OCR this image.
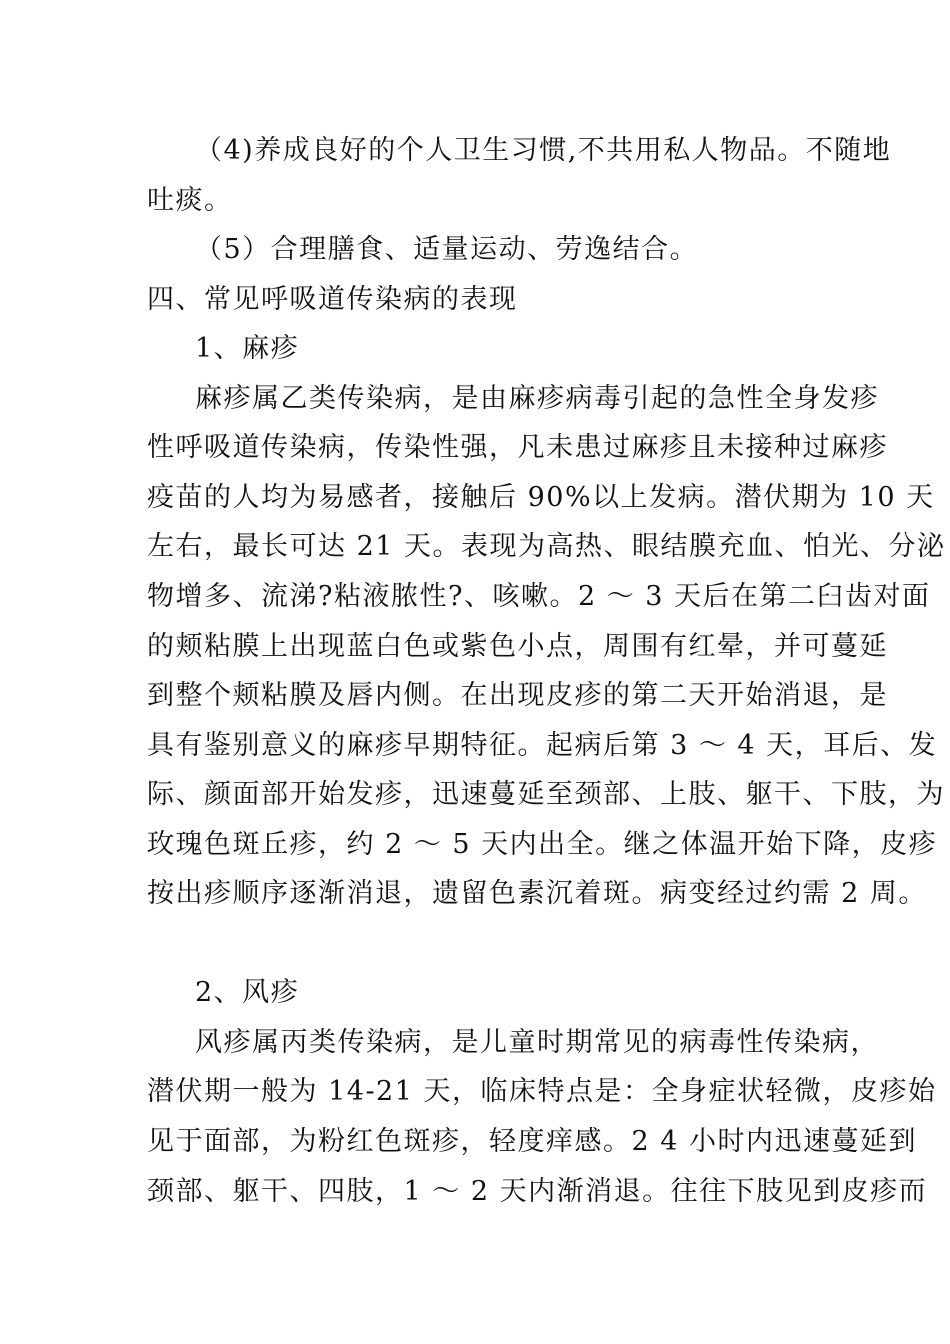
（4)养成良好的个人卫生习惯,不共用私人物品。不随地
吐痰。
（5）合理膳食、适量运动、劳逸结合。
四、常见呼吸道传染病的表现
1、麻疹
麻疹属乙类传染病，是由麻疹病毒引起的急性全身发疹
性呼吸道传染病，传染性强，凡未患过麻疹且未接种过麻疹
疫苗的人均为易感者，接触后 90%以上发病。潜伏期为 10 天
左右，最长可达 21 天。表现为高热、眼结膜充血、怕光、分泌
物增多、流涕?粘液脓性?、咳嗽。2 ～ 3 天后在第二臼齿对面
的颊粘膜上出现蓝白色或紫色小点，周围有红晕，并可蔓延
到整个颊粘膜及唇内侧。在出现皮疹的第二天开始消退，是
具有鉴别意义的麻疹早期特征。起病后第 3 ～ 4 天，耳后、发
际、颜面部开始发疹，迅速蔓延至颈部、上肢、躯干、下肢，为
玫瑰色斑丘疹，约 2 ～ 5 天内出全。继之体温开始下降，皮疹
按出疹顺序逐渐消退，遗留色素沉着斑。病变经过约需 2 周。
2、风疹
风疹属丙类传染病，是儿童时期常见的病毒性传染病，
潜伏期一般为 14-21 天，临床特点是：全身症状轻微，皮疹始
见于面部，为粉红色斑疹，轻度痒感。2 4 小时内迅速蔓延到
颈部、躯干、四肢，1 ～ 2 天内渐消退。往往下肢见到皮疹而
